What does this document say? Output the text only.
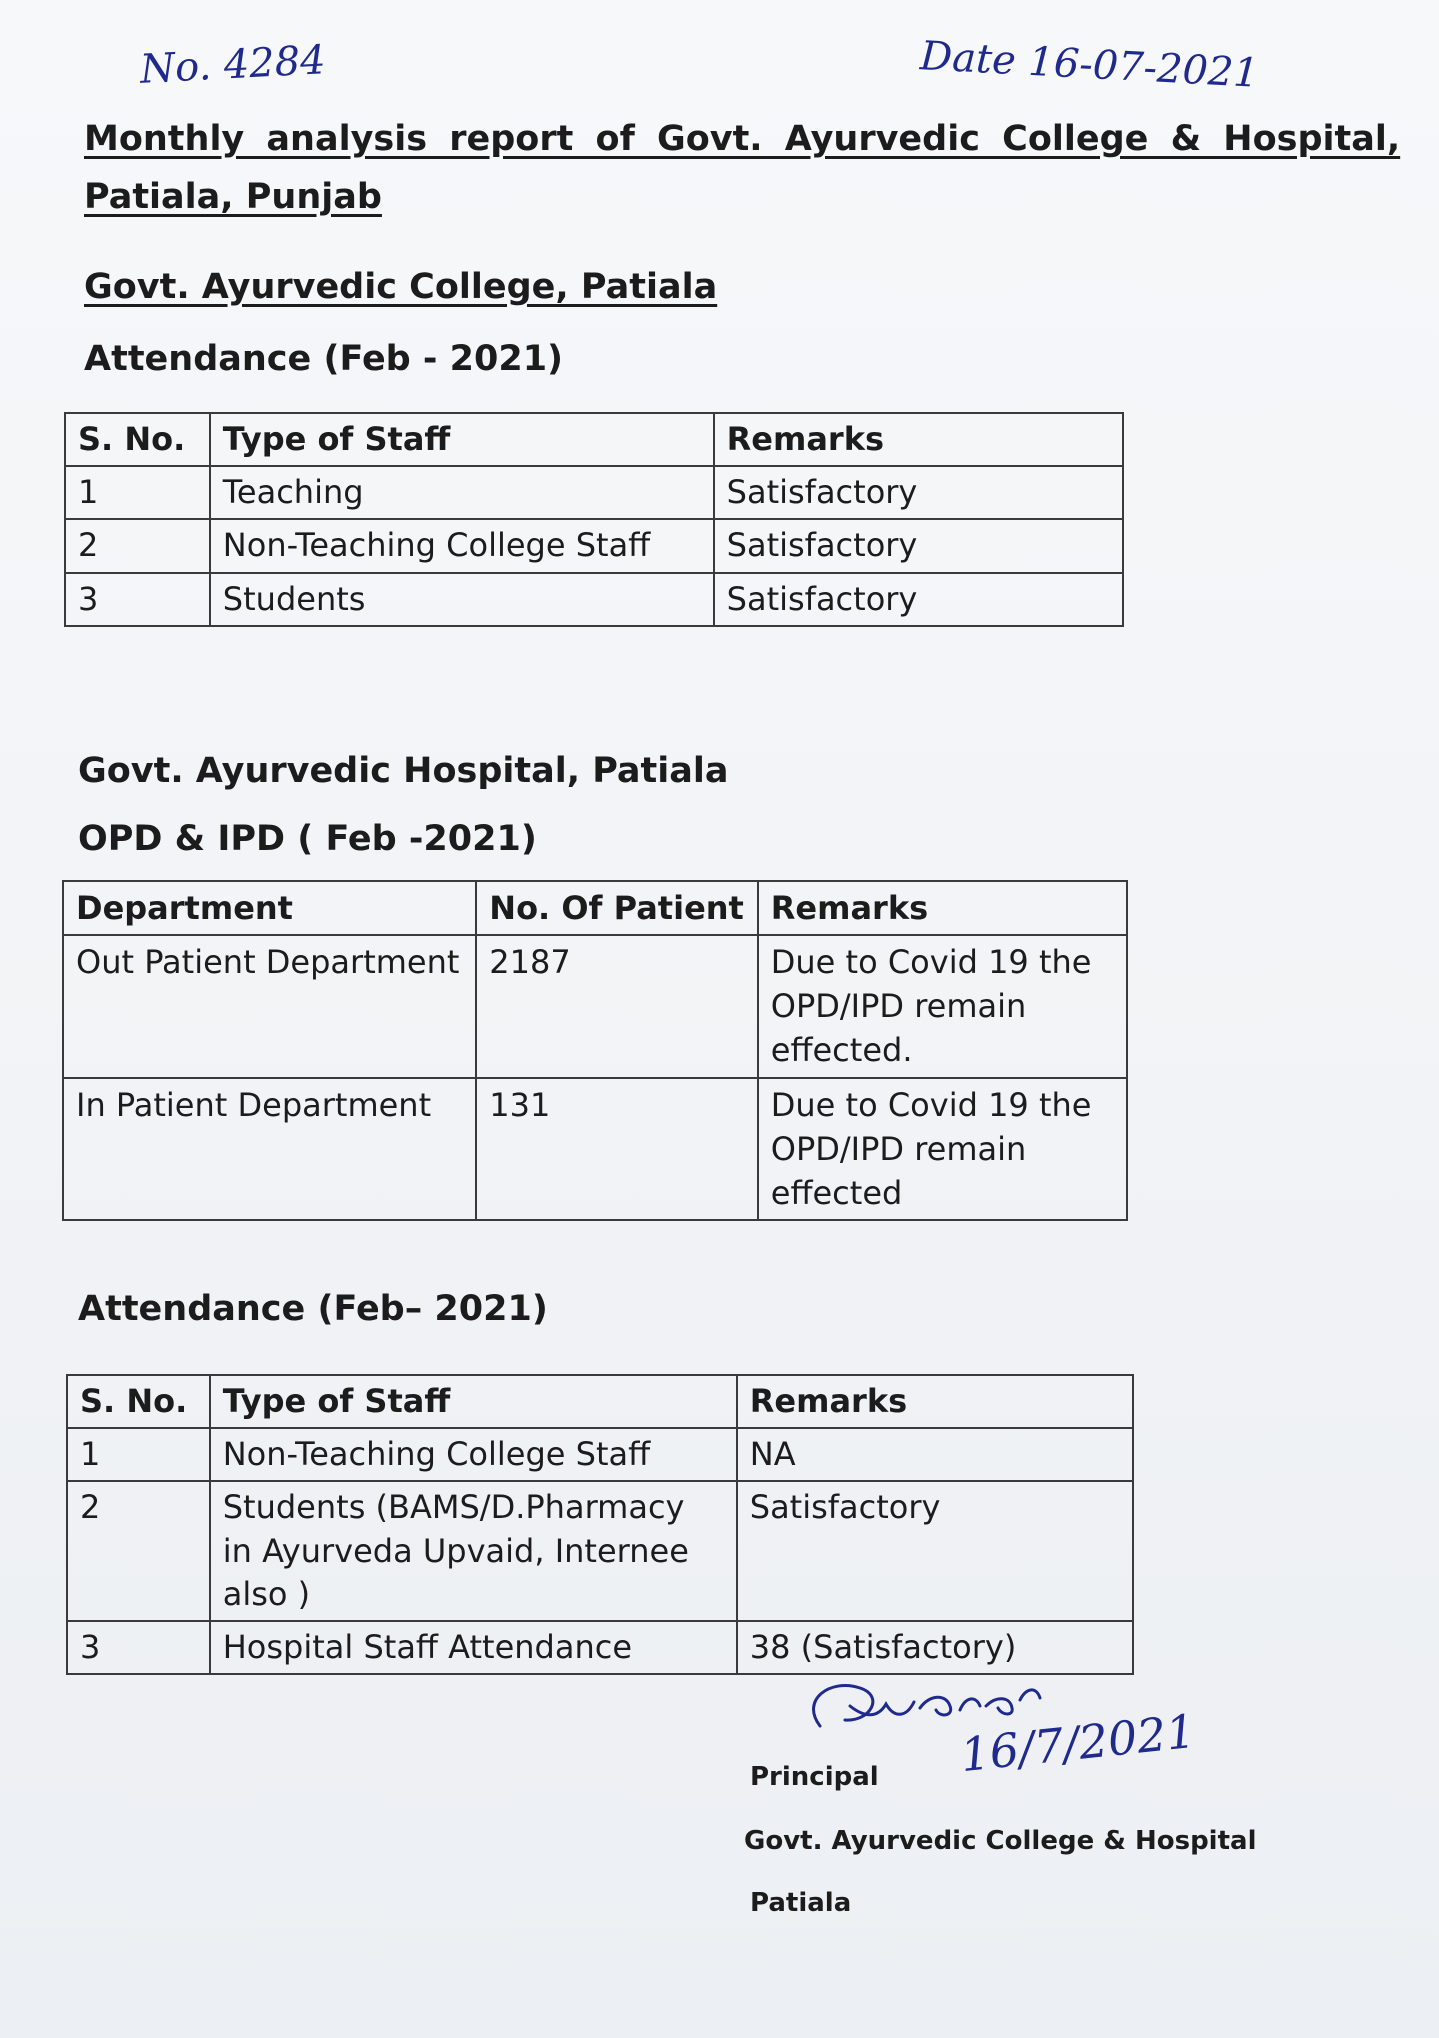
No. 4284	Date 16-07-2021
Monthly analysis report of Govt. Ayurvedic College & Hospital,
Patiala, Punjab
Govt. Ayurvedic College, Patiala
Attendance (Feb - 2021)
S. No.	Type of Staff	Remarks
1	Teaching	Satisfactory
2	Non-Teaching College Staff	Satisfactory
3	Students	Satisfactory
Govt. Ayurvedic Hospital, Patiala
OPD & IPD ( Feb -2021)
Department	No. Of Patient	Remarks
Out Patient Department	2187	Due to Covid 19 the OPD/IPD remain effected.
In Patient Department	131	Due to Covid 19 the OPD/IPD remain effected
Attendance (Feb– 2021)
S. No.	Type of Staff	Remarks
1	Non-Teaching College Staff	NA
2	Students (BAMS/D.Pharmacy in Ayurveda Upvaid, Internee also )	Satisfactory
3	Hospital Staff Attendance	38 (Satisfactory)
16/7/2021
Principal
Govt. Ayurvedic College & Hospital
Patiala
